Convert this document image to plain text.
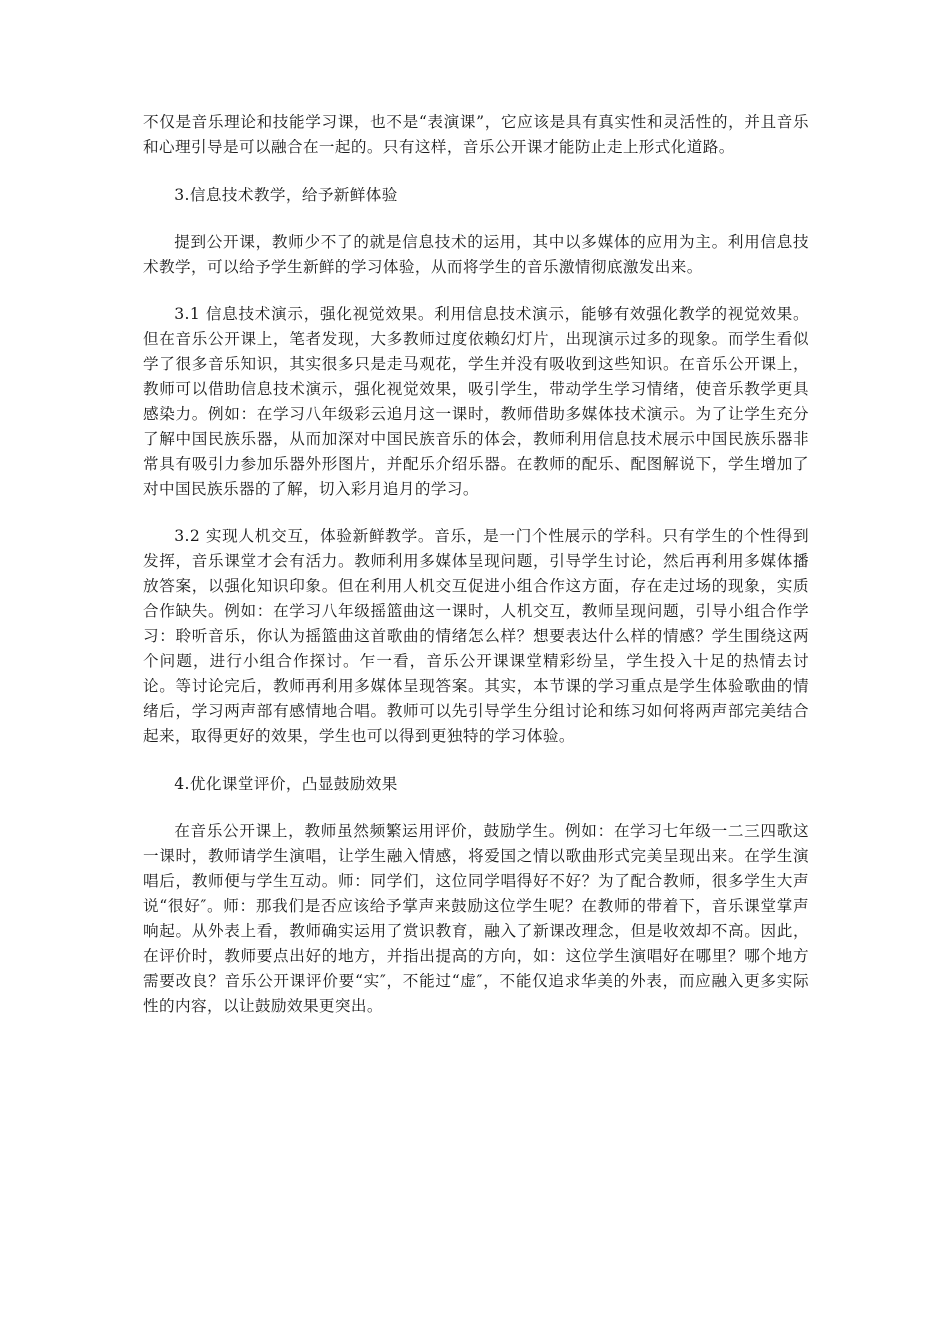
不仅是音乐理论和技能学习课，也不是“表演课”，它应该是具有真实性和灵活性的，并且音乐和心理引导是可以融合在一起的。只有这样，音乐公开课才能防止走上形式化道路。

3.信息技术教学，给予新鲜体验

提到公开课，教师少不了的就是信息技术的运用，其中以多媒体的应用为主。利用信息技术教学，可以给予学生新鲜的学习体验，从而将学生的音乐激情彻底激发出来。

3.1 信息技术演示，强化视觉效果。利用信息技术演示，能够有效强化教学的视觉效果。但在音乐公开课上，笔者发现，大多教师过度依赖幻灯片，出现演示过多的现象。而学生看似学了很多音乐知识，其实很多只是走马观花，学生并没有吸收到这些知识。在音乐公开课上，教师可以借助信息技术演示，强化视觉效果，吸引学生，带动学生学习情绪，使音乐教学更具感染力。例如：在学习八年级彩云追月这一课时，教师借助多媒体技术演示。为了让学生充分了解中国民族乐器，从而加深对中国民族音乐的体会，教师利用信息技术展示中国民族乐器非常具有吸引力参加乐器外形图片，并配乐介绍乐器。在教师的配乐、配图解说下，学生增加了对中国民族乐器的了解，切入彩月追月的学习。

3.2 实现人机交互，体验新鲜教学。音乐，是一门个性展示的学科。只有学生的个性得到发挥，音乐课堂才会有活力。教师利用多媒体呈现问题，引导学生讨论，然后再利用多媒体播放答案，以强化知识印象。但在利用人机交互促进小组合作这方面，存在走过场的现象，实质合作缺失。例如：在学习八年级摇篮曲这一课时，人机交互，教师呈现问题，引导小组合作学习：聆听音乐，你认为摇篮曲这首歌曲的情绪怎么样？想要表达什么样的情感？学生围绕这两个问题，进行小组合作探讨。乍一看，音乐公开课课堂精彩纷呈，学生投入十足的热情去讨论。等讨论完后，教师再利用多媒体呈现答案。其实，本节课的学习重点是学生体验歌曲的情绪后，学习两声部有感情地合唱。教师可以先引导学生分组讨论和练习如何将两声部完美结合起来，取得更好的效果，学生也可以得到更独特的学习体验。

4.优化课堂评价，凸显鼓励效果

在音乐公开课上，教师虽然频繁运用评价，鼓励学生。例如：在学习七年级一二三四歌这一课时，教师请学生演唱，让学生融入情感，将爱国之情以歌曲形式完美呈现出来。在学生演唱后，教师便与学生互动。师：同学们，这位同学唱得好不好？为了配合教师，很多学生大声说“很好″。师：那我们是否应该给予掌声来鼓励这位学生呢？在教师的带着下，音乐课堂掌声响起。从外表上看，教师确实运用了赏识教育，融入了新课改理念，但是收效却不高。因此，在评价时，教师要点出好的地方，并指出提高的方向，如：这位学生演唱好在哪里？哪个地方需要改良？音乐公开课评价要“实″，不能过“虚″，不能仅追求华美的外表，而应融入更多实际性的内容，以让鼓励效果更突出。
